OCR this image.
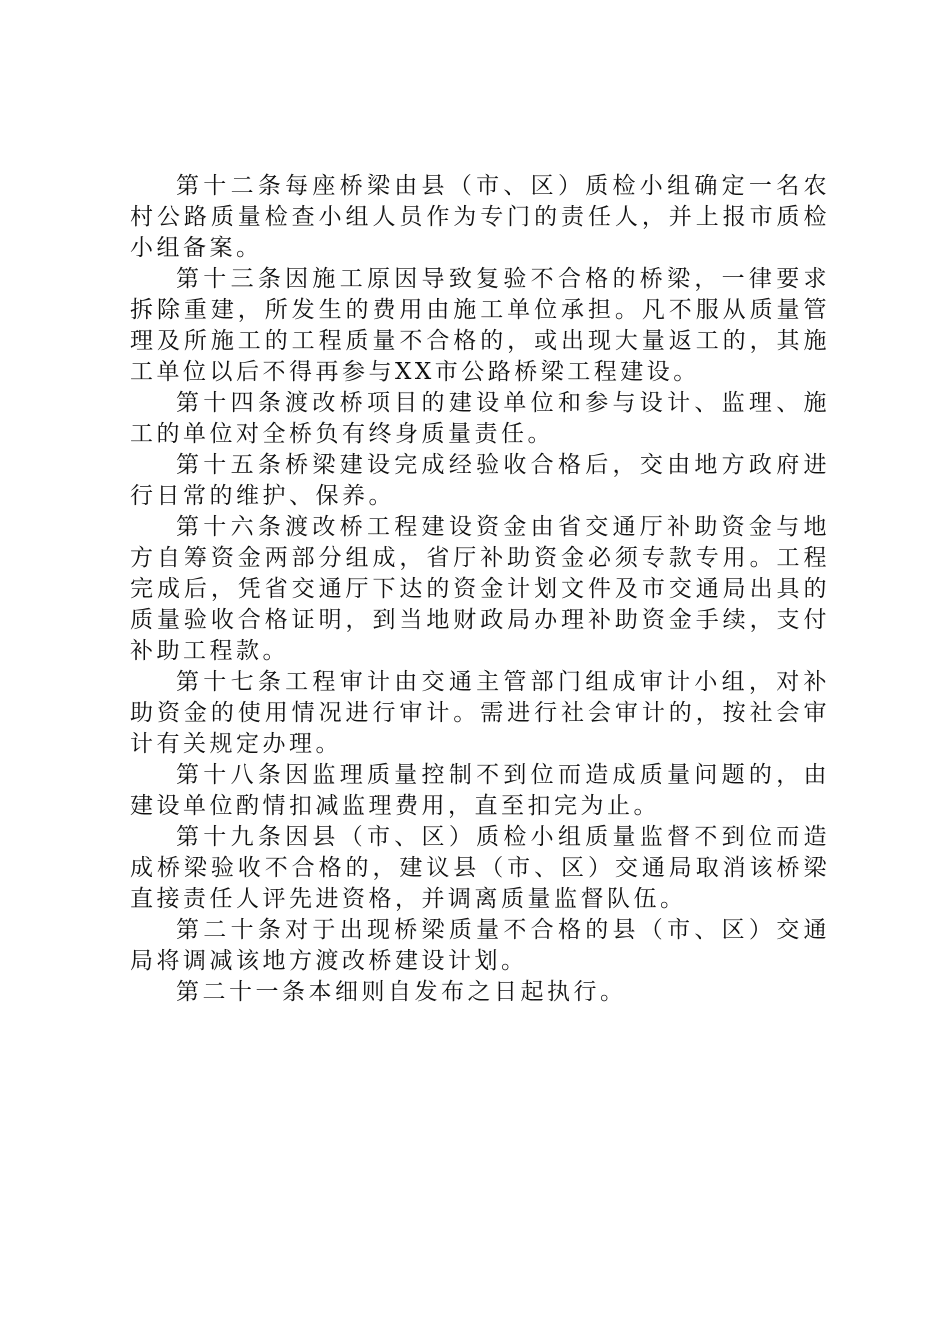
第十二条每座桥梁由县（市、区）质检小组确定一名农村公路质量检查小组人员作为专门的责任人，并上报市质检小组备案。

第十三条因施工原因导致复验不合格的桥梁，一律要求拆除重建，所发生的费用由施工单位承担。凡不服从质量管理及所施工的工程质量不合格的，或出现大量返工的，其施工单位以后不得再参与XX市公路桥梁工程建设。

第十四条渡改桥项目的建设单位和参与设计、监理、施工的单位对全桥负有终身质量责任。

第十五条桥梁建设完成经验收合格后，交由地方政府进行日常的维护、保养。

第十六条渡改桥工程建设资金由省交通厅补助资金与地方自筹资金两部分组成，省厅补助资金必须专款专用。工程完成后，凭省交通厅下达的资金计划文件及市交通局出具的质量验收合格证明，到当地财政局办理补助资金手续，支付补助工程款。

第十七条工程审计由交通主管部门组成审计小组，对补助资金的使用情况进行审计。需进行社会审计的，按社会审计有关规定办理。

第十八条因监理质量控制不到位而造成质量问题的，由建设单位酌情扣减监理费用，直至扣完为止。

第十九条因县（市、区）质检小组质量监督不到位而造成桥梁验收不合格的，建议县（市、区）交通局取消该桥梁直接责任人评先进资格，并调离质量监督队伍。

第二十条对于出现桥梁质量不合格的县（市、区）交通局将调减该地方渡改桥建设计划。

第二十一条本细则自发布之日起执行。
